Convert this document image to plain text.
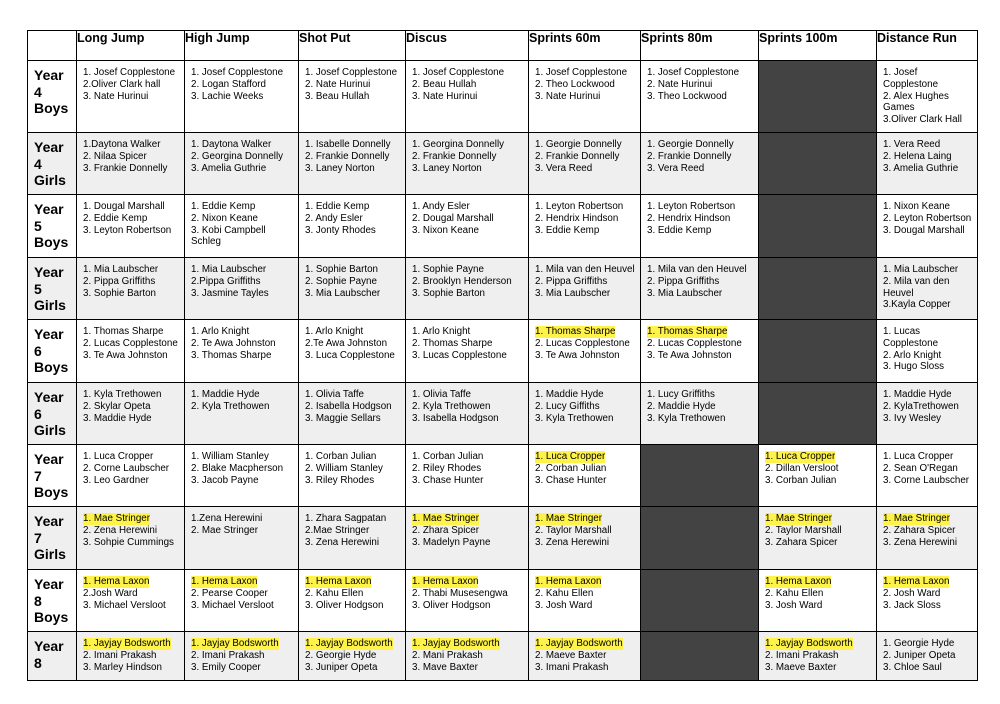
	Long Jump	High Jump	Shot Put	Discus	Sprints 60m	Sprints 80m	Sprints 100m	Distance Run

Year
4
Boys	1. Josef Copplestone
2.Oliver Clark hall
3. Nate Hurinui	1. Josef Copplestone
2. Logan Stafford
3. Lachie Weeks	1. Josef Copplestone
2. Nate Hurinui
3. Beau Hullah	1. Josef Copplestone
2. Beau Hullah
3. Nate Hurinui	1. Josef Copplestone
2. Theo Lockwood
3. Nate Hurinui	1. Josef Copplestone
2. Nate Hurinui
3. Theo Lockwood		1. Josef
Copplestone
2. Alex Hughes
Games
3.Oliver Clark Hall

Year
4
Girls	1.Daytona Walker
2. Nilaa Spicer
3. Frankie Donnelly	1. Daytona Walker
2. Georgina Donnelly
3. Amelia Guthrie	1. Isabelle Donnelly
2. Frankie Donnelly
3. Laney Norton	1. Georgina Donnelly
2. Frankie Donnelly
3. Laney Norton	1. Georgie Donnelly
2. Frankie Donnelly
3. Vera Reed	1. Georgie Donnelly
2. Frankie Donnelly
3. Vera Reed		1. Vera Reed
2. Helena Laing
3. Amelia Guthrie

Year
5
Boys	1. Dougal Marshall
2. Eddie Kemp
3. Leyton Robertson	1. Eddie Kemp
2. Nixon Keane
3. Kobi Campbell
Schleg	1. Eddie Kemp
2. Andy Esler
3. Jonty Rhodes	1. Andy Esler
2. Dougal Marshall
3. Nixon Keane	1. Leyton Robertson
2. Hendrix Hindson
3. Eddie Kemp	1. Leyton Robertson
2. Hendrix Hindson
3. Eddie Kemp		1. Nixon Keane
2. Leyton Robertson
3. Dougal Marshall

Year
5
Girls	1. Mia Laubscher
2. Pippa Griffiths
3. Sophie Barton	1. Mia Laubscher
2.Pippa Griffiths
3. Jasmine Tayles	1. Sophie Barton
2. Sophie Payne
3. Mia Laubscher	1. Sophie Payne
2. Brooklyn Henderson
3. Sophie Barton	1. Mila van den Heuvel
2. Pippa Griffiths
3. Mia Laubscher	1. Mila van den Heuvel
2. Pippa Griffiths
3. Mia Laubscher		1. Mia Laubscher
2. Mila van den
Heuvel
3.Kayla Copper

Year
6
Boys	1. Thomas Sharpe
2. Lucas Copplestone
3. Te Awa Johnston	1. Arlo Knight
2. Te Awa Johnston
3. Thomas Sharpe	1. Arlo Knight
2.Te Awa Johnston
3. Luca Copplestone	1. Arlo Knight
2. Thomas Sharpe
3. Lucas Copplestone	1. Thomas Sharpe
2. Lucas Copplestone
3. Te Awa Johnston	1. Thomas Sharpe
2. Lucas Copplestone
3. Te Awa Johnston		1. Lucas
Copplestone
2. Arlo Knight
3. Hugo Sloss

Year
6
Girls	1. Kyla Trethowen
2. Skylar Opeta
3. Maddie Hyde	1. Maddie Hyde
2. Kyla Trethowen	1. Olivia Taffe
2. Isabella Hodgson
3. Maggie Sellars	1. Olivia Taffe
2. Kyla Trethowen
3. Isabella Hodgson	1. Maddie Hyde
2. Lucy Giffiths
3. Kyla Trethowen	1. Lucy Griffiths
2. Maddie Hyde
3. Kyla Trethowen		1. Maddie Hyde
2. KylaTrethowen
3. Ivy Wesley

Year
7
Boys	1. Luca Cropper
2. Corne Laubscher
3. Leo Gardner	1. William Stanley
2. Blake Macpherson
3. Jacob Payne	1. Corban Julian
2. William Stanley
3. Riley Rhodes	1. Corban Julian
2. Riley Rhodes
3. Chase Hunter	1. Luca Cropper
2. Corban Julian
3. Chase Hunter		1. Luca Cropper
2. Dillan Versloot
3. Corban Julian	1. Luca Cropper
2. Sean O'Regan
3. Corne Laubscher

Year
7
Girls	1. Mae Stringer
2. Zena Herewini
3. Sohpie Cummings	1.Zena Herewini
2. Mae Stringer	1. Zhara Sagpatan
2.Mae Stringer
3. Zena Herewini	1. Mae Stringer
2. Zhara Spicer
3. Madelyn Payne	1. Mae Stringer
2. Taylor Marshall
3. Zena Herewini		1. Mae Stringer
2. Taylor Marshall
3. Zahara Spicer	1. Mae Stringer
2. Zahara Spicer
3. Zena Herewini

Year
8
Boys	1. Hema Laxon
2.Josh Ward
3. Michael Versloot	1. Hema Laxon
2. Pearse Cooper
3. Michael Versloot	1. Hema Laxon
2. Kahu Ellen
3. Oliver Hodgson	1. Hema Laxon
2. Thabi Musesengwa
3. Oliver Hodgson	1. Hema Laxon
2. Kahu Ellen
3. Josh Ward		1. Hema Laxon
2. Kahu Ellen
3. Josh Ward	1. Hema Laxon
2. Josh Ward
3. Jack Sloss

Year
8	1. Jayjay Bodsworth
2. Imani Prakash
3. Marley Hindson	1. Jayjay Bodsworth
2. Imani Prakash
3. Emily Cooper	1. Jayjay Bodsworth
2. Georgie Hyde
3. Juniper Opeta	1. Jayjay Bodsworth
2. Mani Prakash
3. Mave Baxter	1. Jayjay Bodsworth
2. Maeve Baxter
3. Imani Prakash		1. Jayjay Bodsworth
2. Imani Prakash
3. Maeve Baxter	1. Georgie Hyde
2. Juniper Opeta
3. Chloe Saul
